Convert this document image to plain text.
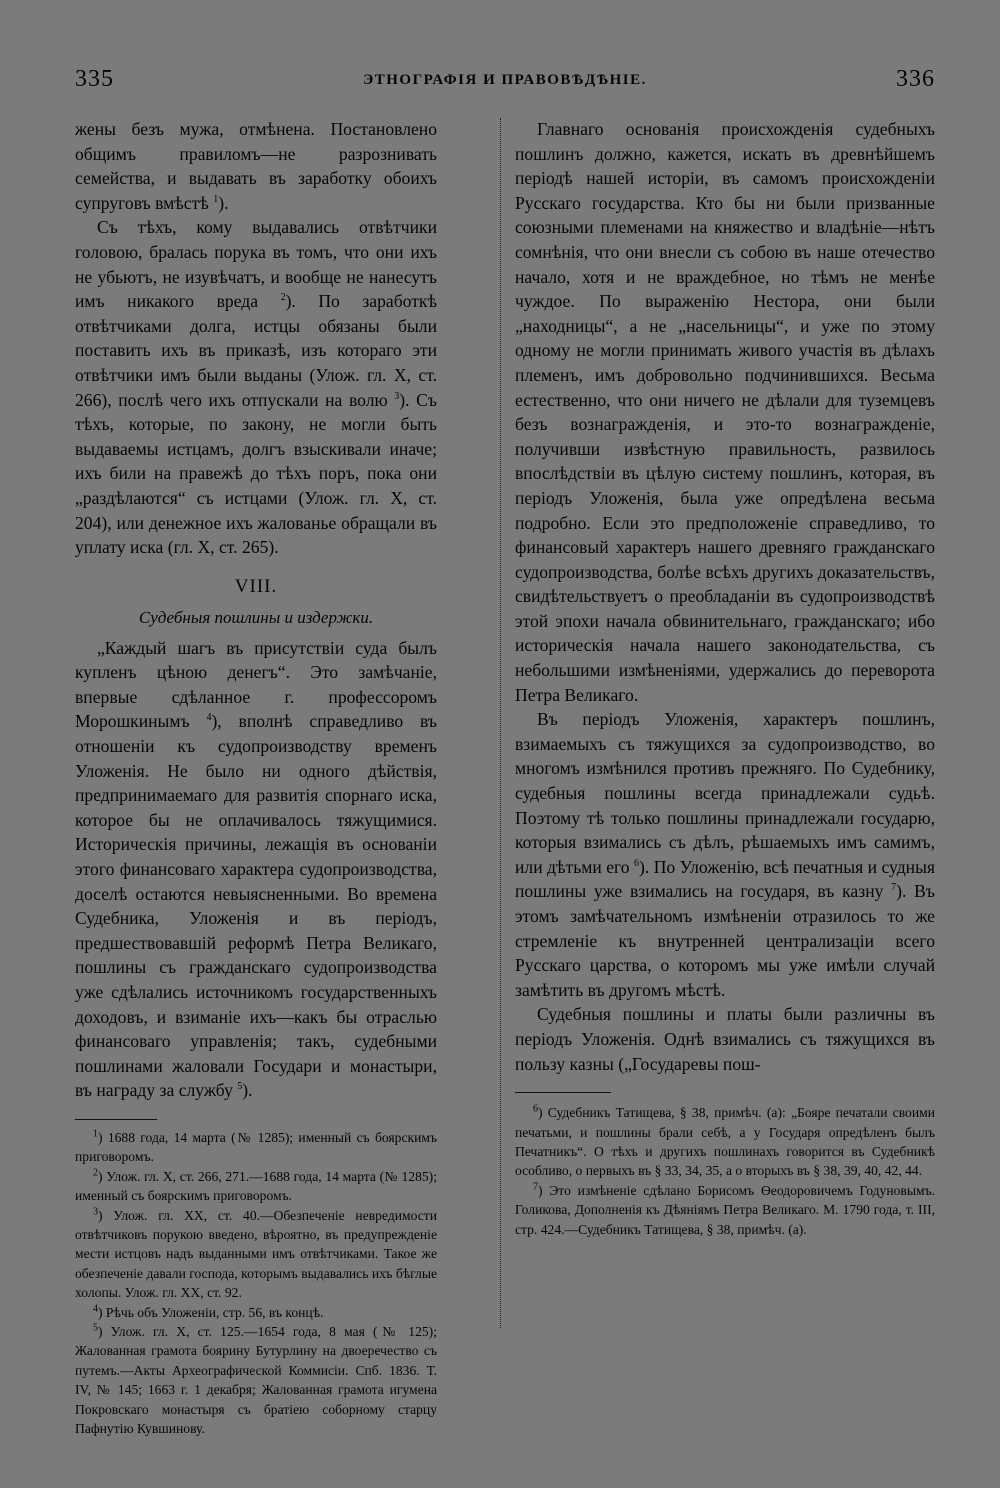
335	ЭТНОГРАФІЯ И ПРАВОВѢДѢНІЕ.	336

жены безъ мужа, отмѣнена. Постановлено общимъ правиломъ—не разрознивать семейства, и выдавать въ заработку обоихъ супруговъ вмѣстѣ $^1$).

Съ тѣхъ, кому выдавались отвѣтчики головою, бралась порука въ томъ, что они ихъ не убьютъ, не изувѣчатъ, и вообще не нанесутъ имъ никакого вреда $^2$). По заработкѣ отвѣтчиками долга, истцы обязаны были поставить ихъ въ приказѣ, изъ котораго эти отвѣтчики имъ были выданы (Улож. гл. X, ст. 266), послѣ чего ихъ отпускали на волю $^3$). Съ тѣхъ, которые, по закону, не могли быть выдаваемы истцамъ, долгъ взыскивали иначе; ихъ били на правежѣ до тѣхъ поръ, пока они „раздѣлаются“ съ истцами (Улож. гл. X, ст. 204), или денежное ихъ жалованье обращали въ уплату иска (гл. X, ст. 265).

VIII.
Судебныя пошлины и издержки.

„Каждый шагъ въ присутствіи суда былъ купленъ цѣною денегъ“. Это замѣчаніе, впервые сдѣланное г. профессоромъ Морошкинымъ $^4$), вполнѣ справедливо въ отношеніи къ судопроизводству временъ Уложенія. Не было ни одного дѣйствія, предпринимаемаго для развитія спорнаго иска, которое бы не оплачивалось тяжущимися. Историческія причины, лежащія въ основаніи этого финансоваго характера судопроизводства, доселѣ остаются невыясненными. Во времена Судебника, Уложенія и въ періодъ, предшествовавшій реформѣ Петра Великаго, пошлины съ гражданскаго судопроизводства уже сдѣлались источникомъ государственныхъ доходовъ, и взиманіе ихъ—какъ бы отраслью финансоваго управленія; такъ, судебными пошлинами жаловали Государи и монастыри, въ награду за службу $^5$).

$^1$) 1688 года, 14 марта (№ 1285); именный съ боярскимъ приговоромъ.

$^2$) Улож. гл. X, ст. 266, 271.—1688 года, 14 марта (№ 1285); именный съ боярскимъ приговоромъ.

$^3$) Улож. гл. XX, ст. 40.—Обезпеченіе невредимости отвѣтчиковъ порукою введено, вѣроятно, въ предупрежденіе мести истцовъ надъ выданными имъ отвѣтчиками. Такое же обезпеченіе давали господа, которымъ выдавались ихъ бѣглые холопы. Улож. гл. XX, ст. 92.

$^4$) Рѣчь объ Уложеніи, стр. 56, въ концѣ.

$^5$) Улож. гл. X, ст. 125.—1654 года, 8 мая (№ 125); Жалованная грамота боярину Бутурлину на двоеречество съ путемъ.—Акты Археографической Коммисіи. Спб. 1836. Т. IV, № 145; 1663 г. 1 декабря; Жалованная грамота игумена Покровскаго монастыря съ братіею соборному старцу Пафнутію Кувшинову.

Главнаго основанія происхожденія судебныхъ пошлинъ должно, кажется, искать въ древнѣйшемъ періодѣ нашей исторіи, въ самомъ происхожденіи Русскаго государства. Кто бы ни были призванные союзными племенами на княжество и владѣніе—нѣтъ сомнѣнія, что они внесли съ собою въ наше отечество начало, хотя и не враждебное, но тѣмъ не менѣе чуждое. По выраженію Нестора, они были „находницы“, а не „насельницы“, и уже по этому одному не могли принимать живого участія въ дѣлахъ племенъ, имъ добровольно подчинившихся. Весьма естественно, что они ничего не дѣлали для туземцевъ безъ вознагражденія, и это-то вознагражденіе, получивши извѣстную правильность, развилось впослѣдствіи въ цѣлую систему пошлинъ, которая, въ періодъ Уложенія, была уже опредѣлена весьма подробно. Если это предположеніе справедливо, то финансовый характеръ нашего древняго гражданскаго судопроизводства, болѣе всѣхъ другихъ доказательствъ, свидѣтельствуетъ о преобладаніи въ судопроизводствѣ этой эпохи начала обвинительнаго, гражданскаго; ибо историческія начала нашего законодательства, съ небольшими измѣненіями, удержались до переворота Петра Великаго.

Въ періодъ Уложенія, характеръ пошлинъ, взимаемыхъ съ тяжущихся за судопроизводство, во многомъ измѣнился противъ прежняго. По Судебнику, судебныя пошлины всегда принадлежали судьѣ. Поэтому тѣ только пошлины принадлежали государю, которыя взимались съ дѣлъ, рѣшаемыхъ имъ самимъ, или дѣтьми его $^6$). По Уложенію, всѣ печатныя и судныя пошлины уже взимались на государя, въ казну $^7$). Въ этомъ замѣчательномъ измѣненіи отразилось то же стремленіе къ внутренней централизаціи всего Русскаго царства, о которомъ мы уже имѣли случай замѣтить въ другомъ мѣстѣ.

Судебныя пошлины и платы были различны въ періодъ Уложенія. Однѣ взимались съ тяжущихся въ пользу казны („Государевы пош-

$^6$) Судебникъ Татищева, § 38, примѣч. (а): „Бояре печатали своими печатьми, и пошлины брали себѣ, а у Государя опредѣленъ былъ Печатникъ“. О тѣхъ и другихъ пошлинахъ говорится въ Судебникѣ особливо, о первыхъ въ § 33, 34, 35, а о вторыхъ въ § 38, 39, 40, 42, 44.

$^7$) Это измѣненіе сдѣлано Борисомъ Өеодоровичемъ Годуновымъ. Голикова, Дополненія къ Дѣяніямъ Петра Великаго. М. 1790 года, т. III, стр. 424.—Судебникъ Татищева, § 38, примѣч. (а).
